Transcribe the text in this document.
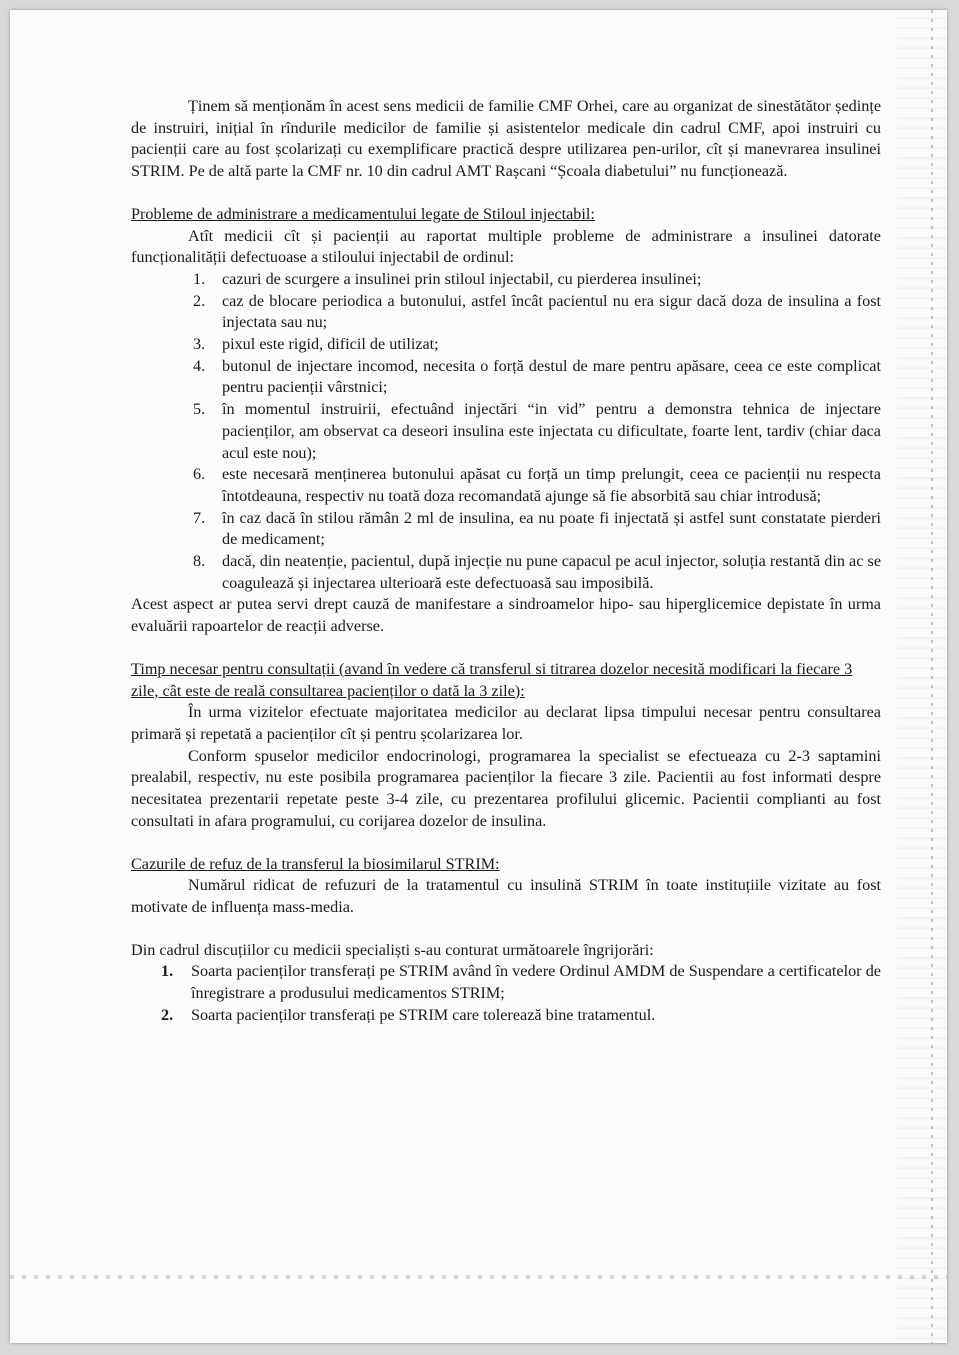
Ținem să menționăm în acest sens medicii de familie CMF Orhei, care au organizat de sinestătător ședințe de instruiri, inițial în rîndurile medicilor de familie și asistentelor medicale din cadrul CMF, apoi instruiri cu pacienții care au fost școlarizați cu exemplificare practică despre utilizarea pen-urilor, cît și manevrarea insulinei STRIM. Pe de altă parte la CMF nr. 10 din cadrul AMT Rașcani “Școala diabetului” nu funcționează.

Probleme de administrare a medicamentului legate de Stiloul injectabil:

Atît medicii cît și pacienții au raportat multiple probleme de administrare a insulinei datorate funcționalității defectuoase a stiloului injectabil de ordinul:

1. cazuri de scurgere a insulinei prin stiloul injectabil, cu pierderea insulinei;
2. caz de blocare periodica a butonului, astfel încât pacientul nu era sigur dacă doza de insulina a fost injectata sau nu;
3. pixul este rigid, dificil de utilizat;
4. butonul de injectare incomod, necesita o forță destul de mare pentru apăsare, ceea ce este complicat pentru pacienții vârstnici;
5. în momentul instruirii, efectuând injectări “in vid” pentru a demonstra tehnica de injectare pacienților, am observat ca deseori insulina este injectata cu dificultate, foarte lent, tardiv (chiar daca acul este nou);
6. este necesară menținerea butonului apăsat cu forță un timp prelungit, ceea ce pacienții nu respecta întotdeauna, respectiv nu toată doza recomandată ajunge să fie absorbită sau chiar introdusă;
7. în caz dacă în stilou rămân 2 ml de insulina, ea nu poate fi injectată și astfel sunt constatate pierderi de medicament;
8. dacă, din neatenție, pacientul, după injecție nu pune capacul pe acul injector, soluția restantă din ac se coagulează și injectarea ulterioară este defectuoasă sau imposibilă.

Acest aspect ar putea servi drept cauză de manifestare a sindroamelor hipo- sau hiperglicemice depistate în urma evaluării rapoartelor de reacții adverse.

Timp necesar pentru consultații (avand în vedere că transferul si titrarea dozelor necesită modificari la fiecare 3 zile, cât este de reală consultarea pacienților o dată la 3 zile):

În urma vizitelor efectuate majoritatea medicilor au declarat lipsa timpului necesar pentru consultarea primară și repetată a pacienților cît și pentru școlarizarea lor.

Conform spuselor medicilor endocrinologi, programarea la specialist se efectueaza cu 2-3 saptamini prealabil, respectiv, nu este posibila programarea pacienților la fiecare 3 zile. Pacientii au fost informati despre necesitatea prezentarii repetate peste 3-4 zile, cu prezentarea profilului glicemic. Pacientii complianti au fost consultati in afara programului, cu corijarea dozelor de insulina.

Cazurile de refuz de la transferul la biosimilarul STRIM:

Numărul ridicat de refuzuri de la tratamentul cu insulină STRIM în toate instituțiile vizitate au fost motivate de influența mass-media.

Din cadrul discuțiilor cu medicii specialiști s-au conturat următoarele îngrijorări:

1. Soarta pacienților transferați pe STRIM având în vedere Ordinul AMDM de Suspendare a certificatelor de înregistrare a produsului medicamentos STRIM;
2. Soarta pacienților transferați pe STRIM care tolerează bine tratamentul.
